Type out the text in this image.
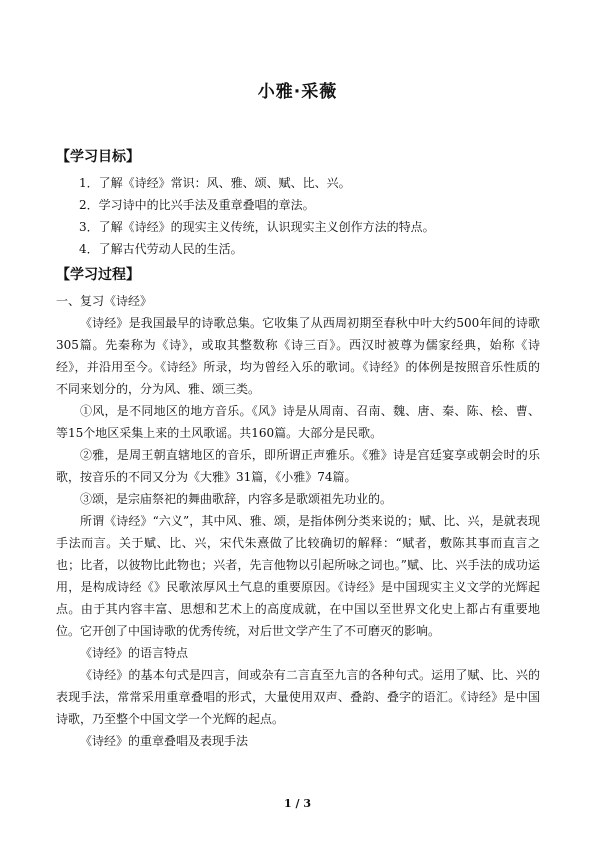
小雅·采薇
【学习目标】
1．了解《诗经》常识：风、雅、颂、赋、比、兴。
2．学习诗中的比兴手法及重章叠唱的章法。
3．了解《诗经》的现实主义传统，认识现实主义创作方法的特点。
4．了解古代劳动人民的生活。
【学习过程】

一、复习《诗经》

《诗经》是我国最早的诗歌总集。它收集了从西周初期至春秋中叶大约500年间的诗歌305篇。先秦称为《诗》，或取其整数称《诗三百》。西汉时被尊为儒家经典，始称《诗经》，并沿用至今。《诗经》所录，均为曾经入乐的歌词。《诗经》的体例是按照音乐性质的不同来划分的，分为风、雅、颂三类。

①风，是不同地区的地方音乐。《风》诗是从周南、召南、魏、唐、秦、陈、桧、曹、等15个地区采集上来的土风歌谣。共160篇。大部分是民歌。

②雅，是周王朝直辖地区的音乐，即所谓正声雅乐。《雅》诗是宫廷宴享或朝会时的乐歌，按音乐的不同又分为《大雅》31篇，《小雅》74篇。

③颂，是宗庙祭祀的舞曲歌辞，内容多是歌颂祖先功业的。

所谓《诗经》“六义”，其中风、雅、颂，是指体例分类来说的；赋、比、兴，是就表现手法而言。关于赋、比、兴，宋代朱熹做了比较确切的解释：“赋者，敷陈其事而直言之也；比者，以彼物比此物也；兴者，先言他物以引起所咏之词也。”赋、比、兴手法的成功运用，是构成诗经《》民歌浓厚风土气息的重要原因。《诗经》是中国现实主义文学的光辉起点。由于其内容丰富、思想和艺术上的高度成就，在中国以至世界文化史上都占有重要地位。它开创了中国诗歌的优秀传统，对后世文学产生了不可磨灭的影响。

《诗经》的语言特点

《诗经》的基本句式是四言，间或杂有二言直至九言的各种句式。运用了赋、比、兴的表现手法，常常采用重章叠唱的形式，大量使用双声、叠韵、叠字的语汇。《诗经》是中国诗歌，乃至整个中国文学一个光辉的起点。

《诗经》的重章叠唱及表现手法

1 / 3
